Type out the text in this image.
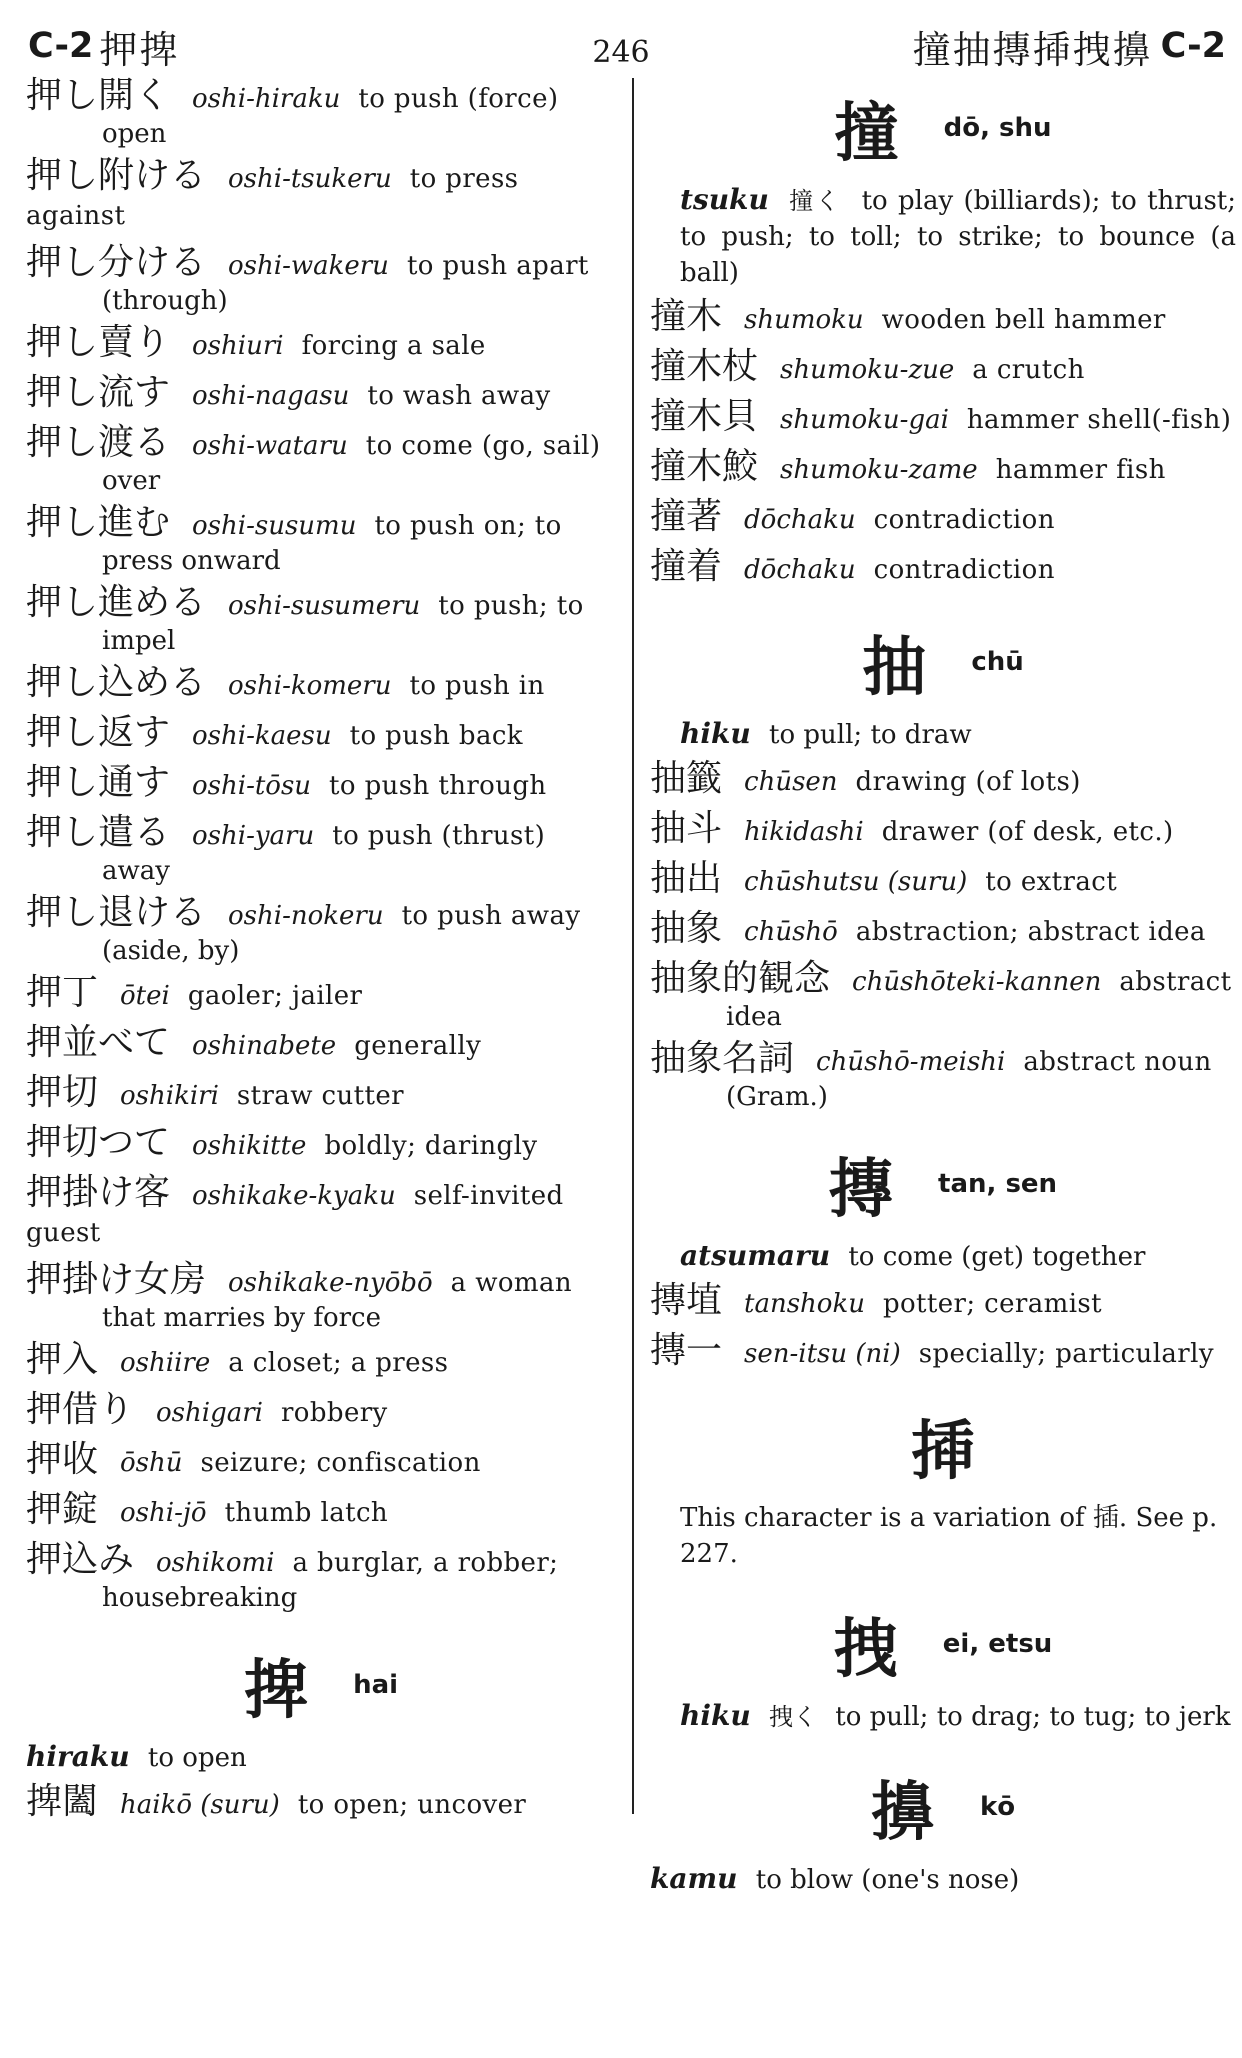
C-2 押捭	246	撞抽摶揷拽擤 C-2
押し開く oshi-hiraku to push (force)
open
押し附ける oshi-tsukeru to press against
押し分ける oshi-wakeru to push apart
(through)
押し賣り oshiuri forcing a sale
押し流す oshi-nagasu to wash away
押し渡る oshi-wataru to come (go, sail)
over
押し進む oshi-susumu to push on; to
press onward
押し進める oshi-susumeru to push; to
impel
押し込める oshi-komeru to push in
押し返す oshi-kaesu to push back
押し通す oshi-tōsu to push through
押し遣る oshi-yaru to push (thrust)
away
押し退ける oshi-nokeru to push away
(aside, by)
押丁 ōtei gaoler; jailer
押並べて oshinabete generally
押切 oshikiri straw cutter
押切つて oshikitte boldly; daringly
押掛け客 oshikake-kyaku self-invited guest
押掛け女房 oshikake-nyōbō a woman
that marries by force
押入 oshiire a closet; a press
押借り oshigari robbery
押收 ōshū seizure; confiscation
押錠 oshi-jō thumb latch
押込み oshikomi a burglar, a robber;
housebreaking
捭 hai
hiraku to open
捭闔 haikō (suru) to open; uncover
撞 dō, shu
tsuku 撞く to play (billiards); to thrust; to push; to toll; to strike; to bounce (a ball)
撞木 shumoku wooden bell hammer
撞木杖 shumoku-zue a crutch
撞木貝 shumoku-gai hammer shell(-fish)
撞木鮫 shumoku-zame hammer fish
撞著 dōchaku contradiction
撞着 dōchaku contradiction
抽 chū
hiku to pull; to draw
抽籤 chūsen drawing (of lots)
抽斗 hikidashi drawer (of desk, etc.)
抽出 chūshutsu (suru) to extract
抽象 chūshō abstraction; abstract idea
抽象的観念 chūshōteki-kannen abstract
idea
抽象名詞 chūshō-meishi abstract noun
(Gram.)
摶 tan, sen
atsumaru to come (get) together
摶埴 tanshoku potter; ceramist
摶一 sen-itsu (ni) specially; particularly
揷
This character is a variation of 插. See p. 227.
拽 ei, etsu
hiku 拽く to pull; to drag; to tug; to jerk
擤 kō
kamu to blow (one's nose)
